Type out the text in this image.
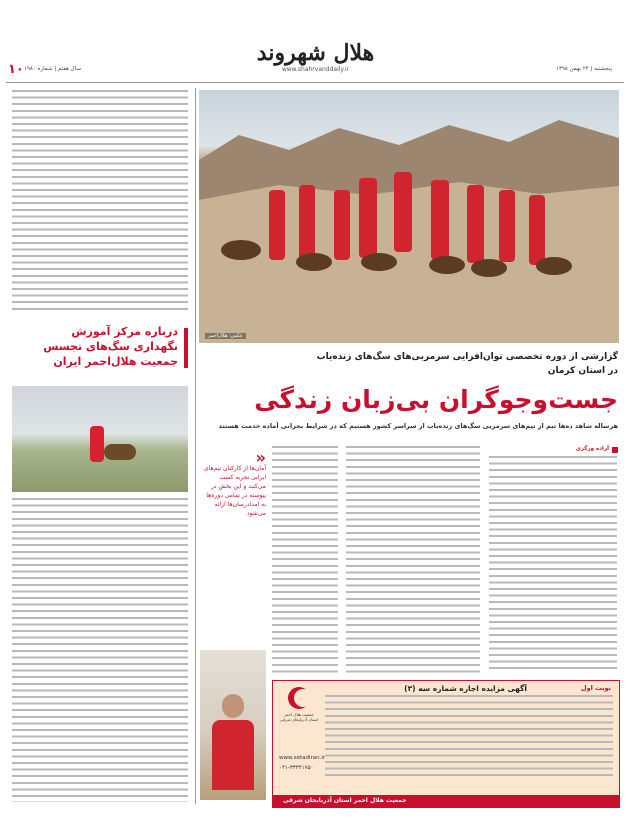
۱۰ سال هفتم | شماره ۱۹۸۰
هلال شهروند
www.shahrvanddaily.ir	پنجشنبه | ۲۴ بهمن ۱۳۹۸
درباره مرکز آموزش نگهداری سگ‌های تجسس جمعیت هلال‌احمر ایران
عکس: هلال‌احمر
گزارشی از دوره تخصصی توان‌افزایی سرمربی‌های سگ‌های زنده‌یاب
در استان کرمان
جست‌وجوگران بی‌زبان زندگی
هرساله شاهد ده‌ها تیم از تیم‌های سرمربی سگ‌های زنده‌یاب از سراسر کشور هستیم که در شرایط بحرانی آماده خدمت هستند
آزاده ورگزی
«
آمان‌ها از کارکنان تیم‌های ایرانی تجربه کسب می‌کنند و این بخش در پیوسته در تمامی دوره‌ها به امدادرسان‌ها ارائه می‌شود
آگهی مزایده اجاره شماره سه (۳)	نوبت اول
جمعیت هلال احمر استان آذربایجان شرقی
www.setadiran.ir
۰۴۱-۳۳۳۴۱۷۵۰
جمعیت هلال احمر استان آذربایجان شرقی
